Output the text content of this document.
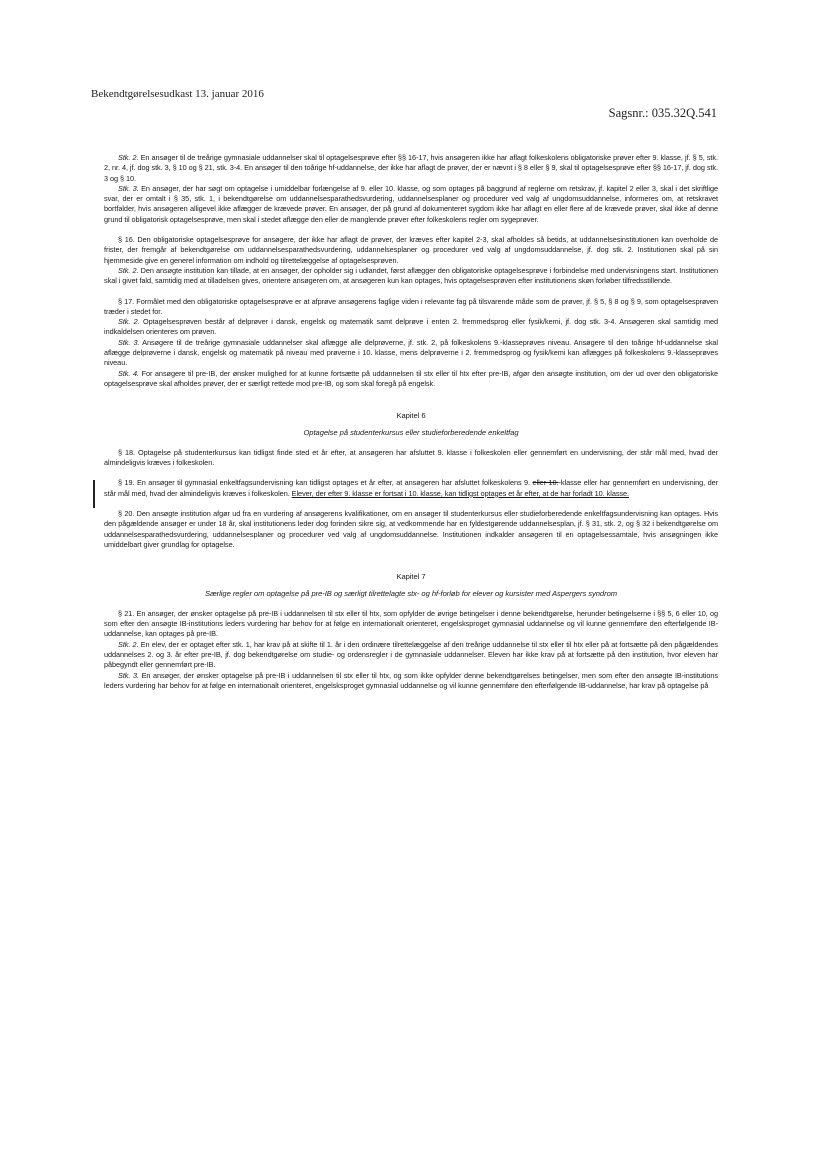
Bekendtgørelsesudkast 13. januar 2016
Sagsnr.: 035.32Q.541

Stk. 2. En ansøger til de treårige gymnasiale uddannelser skal til optagelsesprøve efter §§ 16-17, hvis ansøgeren ikke har aflagt folkeskolens obligatoriske prøver efter 9. klasse, jf. § 5, stk. 2, nr. 4, jf. dog stk. 3, § 10 og § 21, stk. 3-4. En ansøger til den toårige hf-uddannelse, der ikke har aflagt de prøver, der er nævnt i § 8 eller § 9, skal til optagelsesprøve efter §§ 16-17, jf. dog stk. 3 og § 10.

Stk. 3. En ansøger, der har søgt om optagelse i umiddelbar forlængelse af 9. eller 10. klasse, og som optages på baggrund af reglerne om retskrav, jf. kapitel 2 eller 3, skal i det skriftlige svar, der er omtalt i § 35, stk. 1, i bekendtgørelse om uddannelsesparathedsvurdering, uddannelsesplaner og procedurer ved valg af ungdomsuddannelse, informeres om, at retskravet bortfalder, hvis ansøgeren alligevel ikke aflægger de krævede prøver. En ansøger, der på grund af dokumenteret sygdom ikke har aflagt en eller flere af de krævede prøver, skal ikke af denne grund til obligatorisk optagelsesprøve, men skal i stedet aflægge den eller de manglende prøver efter folkeskolens regler om sygeprøver.

§ 16. Den obligatoriske optagelsesprøve for ansøgere, der ikke har aflagt de prøver, der kræves efter kapitel 2-3, skal afholdes så betids, at uddannelsesinstitutionen kan overholde de frister, der fremgår af bekendtgørelse om uddannelsesparathedsvurdering, uddannelsesplaner og procedurer ved valg af ungdomsuddannelse, jf. dog stk. 2. Institutionen skal på sin hjemmeside give en generel information om indhold og tilrettelæggelse af optagelsesprøven.

Stk. 2. Den ansøgte institution kan tillade, at en ansøger, der opholder sig i udlandet, først aflægger den obligatoriske optagelsesprøve i forbindelse med undervisningens start. Institutionen skal i givet fald, samtidig med at tilladelsen gives, orientere ansøgeren om, at ansøgeren kun kan optages, hvis optagelsesprøven efter institutionens skøn forløber tilfredsstillende.

§ 17. Formålet med den obligatoriske optagelsesprøve er at afprøve ansøgerens faglige viden i relevante fag på tilsvarende måde som de prøver, jf. § 5, § 8 og § 9, som optagelsesprøven træder i stedet for.

Stk. 2. Optagelsesprøven består af delprøver i dansk, engelsk og matematik samt delprøve i enten 2. fremmedsprog eller fysik/kemi, jf. dog stk. 3-4. Ansøgeren skal samtidig med indkaldelsen orienteres om prøven.

Stk. 3. Ansøgere til de treårige gymnasiale uddannelser skal aflægge alle delprøverne, jf. stk. 2, på folkeskolens 9.-klasseprøves niveau. Ansøgere til den toårige hf-uddannelse skal aflægge delprøverne i dansk, engelsk og matematik på niveau med prøverne i 10. klasse, mens delprøverne i 2. fremmedsprog og fysik/kemi kan aflægges på folkeskolens 9.-klasseprøves niveau.

Stk. 4. For ansøgere til pre-IB, der ønsker mulighed for at kunne fortsætte på uddannelsen til stx eller til htx efter pre-IB, afgør den ansøgte institution, om der ud over den obligatoriske optagelsesprøve skal afholdes prøver, der er særligt rettede mod pre-IB, og som skal foregå på engelsk.

Kapitel 6

Optagelse på studenterkursus eller studieforberedende enkeltfag

§ 18. Optagelse på studenterkursus kan tidligst finde sted et år efter, at ansøgeren har afsluttet 9. klasse i folkeskolen eller gennemført en undervisning, der står mål med, hvad der almindeligvis kræves i folkeskolen.

§ 19. En ansøger til gymnasial enkeltfagsundervisning kan tidligst optages et år efter, at ansøgeren har afsluttet folkeskolens 9. eller 10.-klasse eller har gennemført en undervisning, der står mål med, hvad der almindeligvis kræves i folkeskolen. Elever, der efter 9. klasse er fortsat i 10. klasse, kan tidligst optages et år efter, at de har forladt 10. klasse.

§ 20. Den ansøgte institution afgør ud fra en vurdering af ansøgerens kvalifikationer, om en ansøger til studenterkursus eller studieforberedende enkeltfagsundervisning kan optages. Hvis den pågældende ansøger er under 18 år, skal institutionens leder dog forinden sikre sig, at vedkommende har en fyldestgørende uddannelsesplan, jf. § 31, stk. 2, og § 32 i bekendtgørelse om uddannelsesparathedsvurdering, uddannelsesplaner og procedurer ved valg af ungdomsuddannelse. Institutionen indkalder ansøgeren til en optagelsessamtale, hvis ansøgningen ikke umiddelbart giver grundlag for optagelse.

Kapitel 7

Særlige regler om optagelse på pre-IB og særligt tilrettelagte stx- og hf-forløb for elever og kursister med Aspergers syndrom

§ 21. En ansøger, der ønsker optagelse på pre-IB i uddannelsen til stx eller til htx, som opfylder de øvrige betingelser i denne bekendtgørelse, herunder betingelserne i §§ 5, 6 eller 10, og som efter den ansøgte IB-institutions leders vurdering har behov for at følge en internationalt orienteret, engelsksproget gymnasial uddannelse og vil kunne gennemføre den efterfølgende IB-uddannelse, kan optages på pre-IB.

Stk. 2. En elev, der er optaget efter stk. 1, har krav på at skifte til 1. år i den ordinære tilrettelæggelse af den treårige uddannelse til stx eller til htx eller på at fortsætte på den pågældendes uddannelses 2. og 3. år efter pre-IB, jf. dog bekendtgørelse om studie- og ordensregler i de gymnasiale uddannelser. Eleven har ikke krav på at fortsætte på den institution, hvor eleven har påbegyndt eller gennemført pre-IB.

Stk. 3. En ansøger, der ønsker optagelse på pre-IB i uddannelsen til stx eller til htx, og som ikke opfylder denne bekendtgørelses betingelser, men som efter den ansøgte IB-institutions leders vurdering har behov for at følge en internationalt orienteret, engelsksproget gymnasial uddannelse og vil kunne gennemføre den efterfølgende IB-uddannelse, har krav på optagelse på
